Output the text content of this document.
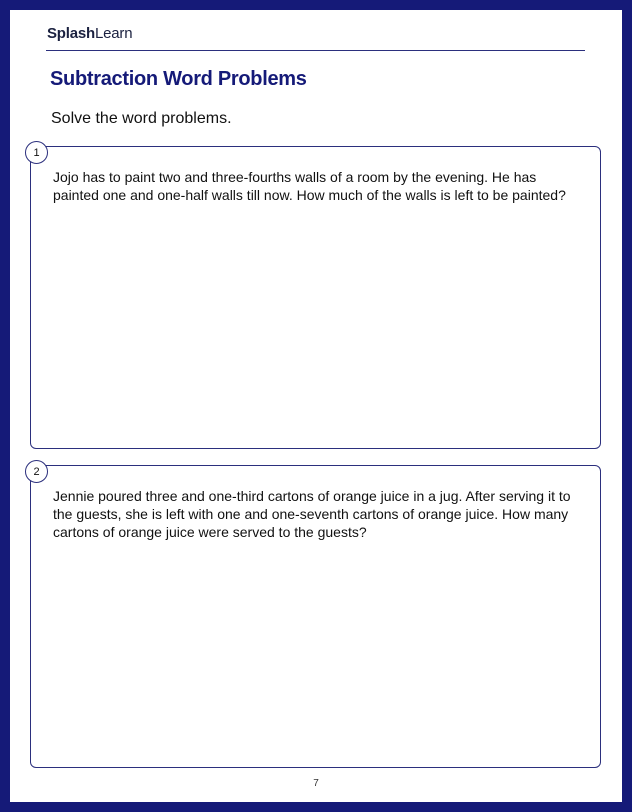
SplashLearn
Subtraction Word Problems
Solve the word problems.
1
Jojo has to paint two and three-fourths walls of a room by the evening. He has painted one and one-half walls till now. How much of the walls is left to be painted?
2
Jennie poured three and one-third cartons of orange juice in a jug. After serving it to the guests, she is left with one and one-seventh cartons of orange juice. How many cartons of orange juice were served to the guests?
7
